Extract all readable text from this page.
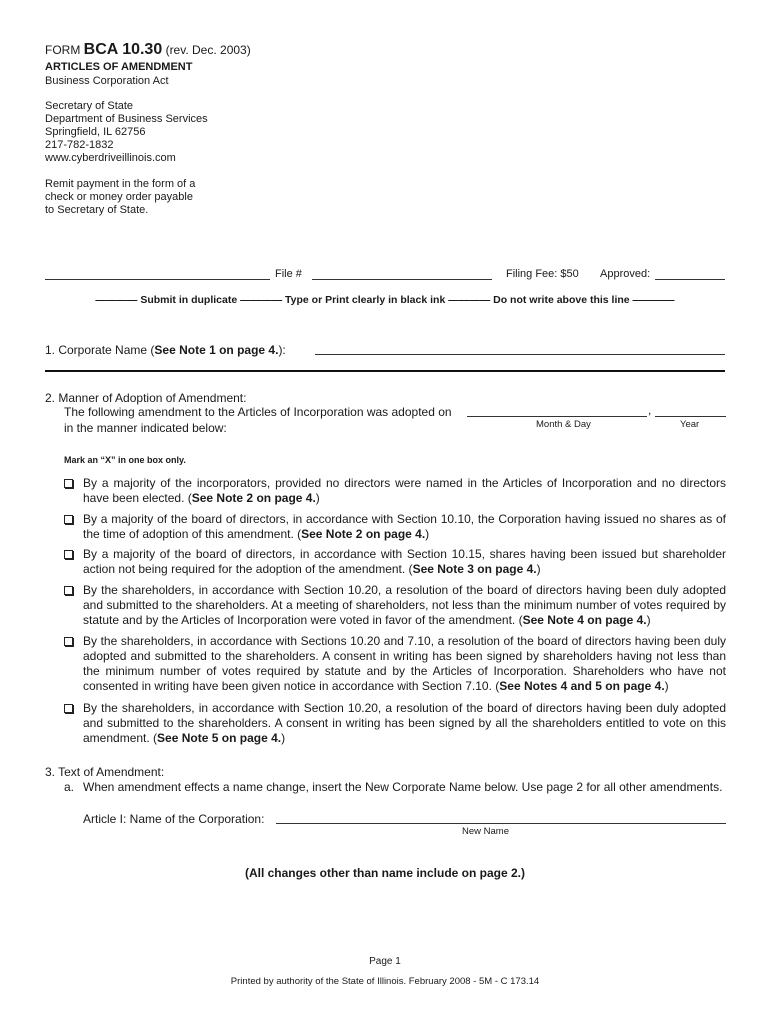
FORM BCA 10.30 (rev. Dec. 2003)
ARTICLES OF AMENDMENT
Business Corporation Act
Secretary of State
Department of Business Services
Springfield, IL 62756
217-782-1832
www.cyberdriveillinois.com
Remit payment in the form of a
check or money order payable
to Secretary of State.
File #	Filing Fee: $50 Approved:
———— Submit in duplicate ———— Type or Print clearly in black ink ———— Do not write above this line ————
1. Corporate Name (See Note 1 on page 4.):
2. Manner of Adoption of Amendment:
The following amendment to the Articles of Incorporation was adopted on	,
in the manner indicated below:	Month & Day	Year
Mark an “X” in one box only.
By a majority of the incorporators, provided no directors were named in the Articles of Incorporation and no directors have been elected. (See Note 2 on page 4.)
By a majority of the board of directors, in accordance with Section 10.10, the Corporation having issued no shares as of the time of adoption of this amendment. (See Note 2 on page 4.)
By a majority of the board of directors, in accordance with Section 10.15, shares having been issued but shareholder action not being required for the adoption of the amendment. (See Note 3 on page 4.)
By the shareholders, in accordance with Section 10.20, a resolution of the board of directors having been duly adopted and submitted to the shareholders. At a meeting of shareholders, not less than the minimum number of votes required by statute and by the Articles of Incorporation were voted in favor of the amendment. (See Note 4 on page 4.)
By the shareholders, in accordance with Sections 10.20 and 7.10, a resolution of the board of directors having been duly adopted and submitted to the shareholders. A consent in writing has been signed by shareholders having not less than the minimum number of votes required by statute and by the Articles of Incorporation. Shareholders who have not consented in writing have been given notice in accordance with Section 7.10. (See Notes 4 and 5 on page 4.)
By the shareholders, in accordance with Section 10.20, a resolution of the board of directors having been duly adopted and submitted to the shareholders. A consent in writing has been signed by all the shareholders entitled to vote on this amendment. (See Note 5 on page 4.)
3. Text of Amendment:
a. When amendment effects a name change, insert the New Corporate Name below. Use page 2 for all other amendments.
Article I: Name of the Corporation:
New Name
(All changes other than name include on page 2.)
Page 1
Printed by authority of the State of Illinois. February 2008 - 5M - C 173.14
